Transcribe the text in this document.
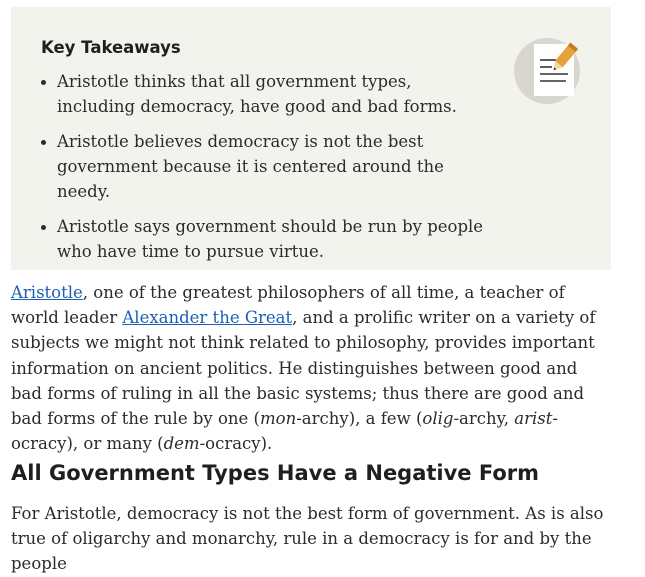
Key Takeaways
Aristotle thinks that all government types, including democracy, have good and bad forms.
Aristotle believes democracy is not the best government because it is centered around the needy.
Aristotle says government should be run by people who have time to pursue virtue.

Aristotle, one of the greatest philosophers of all time, a teacher of world leader Alexander the Great, and a prolific writer on a variety of subjects we might not think related to philosophy, provides important information on ancient politics. He distinguishes between good and bad forms of ruling in all the basic systems; thus there are good and bad forms of the rule by one (mon-archy), a few (olig-archy, arist-ocracy), or many (dem-ocracy).

All Government Types Have a Negative Form

For Aristotle, democracy is not the best form of government. As is also true of oligarchy and monarchy, rule in a democracy is for and by the people
